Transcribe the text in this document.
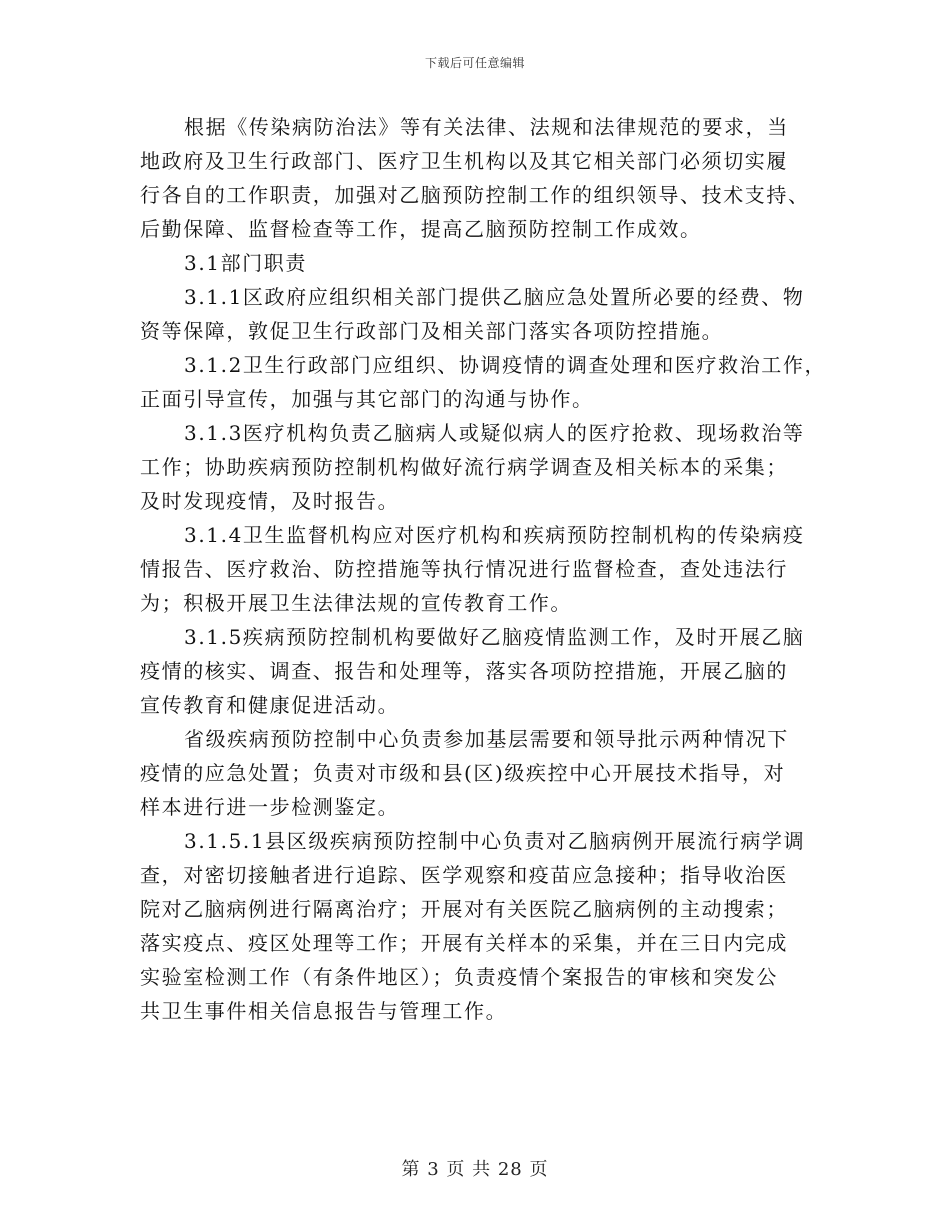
下载后可任意编辑

根据《传染病防治法》等有关法律、法规和法律规范的要求，当
地政府及卫生行政部门、医疗卫生机构以及其它相关部门必须切实履
行各自的工作职责，加强对乙脑预防控制工作的组织领导、技术支持、
后勤保障、监督检查等工作，提高乙脑预防控制工作成效。

3.1部门职责

3.1.1区政府应组织相关部门提供乙脑应急处置所必要的经费、物
资等保障，敦促卫生行政部门及相关部门落实各项防控措施。

3.1.2卫生行政部门应组织、协调疫情的调查处理和医疗救治工作，
正面引导宣传，加强与其它部门的沟通与协作。

3.1.3医疗机构负责乙脑病人或疑似病人的医疗抢救、现场救治等
工作；协助疾病预防控制机构做好流行病学调查及相关标本的采集；
及时发现疫情，及时报告。

3.1.4卫生监督机构应对医疗机构和疾病预防控制机构的传染病疫
情报告、医疗救治、防控措施等执行情况进行监督检查，查处违法行
为；积极开展卫生法律法规的宣传教育工作。

3.1.5疾病预防控制机构要做好乙脑疫情监测工作，及时开展乙脑
疫情的核实、调查、报告和处理等，落实各项防控措施，开展乙脑的
宣传教育和健康促进活动。

省级疾病预防控制中心负责参加基层需要和领导批示两种情况下
疫情的应急处置；负责对市级和县(区)级疾控中心开展技术指导，对
样本进行进一步检测鉴定。

3.1.5.1县区级疾病预防控制中心负责对乙脑病例开展流行病学调
查，对密切接触者进行追踪、医学观察和疫苗应急接种；指导收治医
院对乙脑病例进行隔离治疗；开展对有关医院乙脑病例的主动搜索；
落实疫点、疫区处理等工作；开展有关样本的采集，并在三日内完成
实验室检测工作（有条件地区）；负责疫情个案报告的审核和突发公
共卫生事件相关信息报告与管理工作。

第 3 页 共 28 页
